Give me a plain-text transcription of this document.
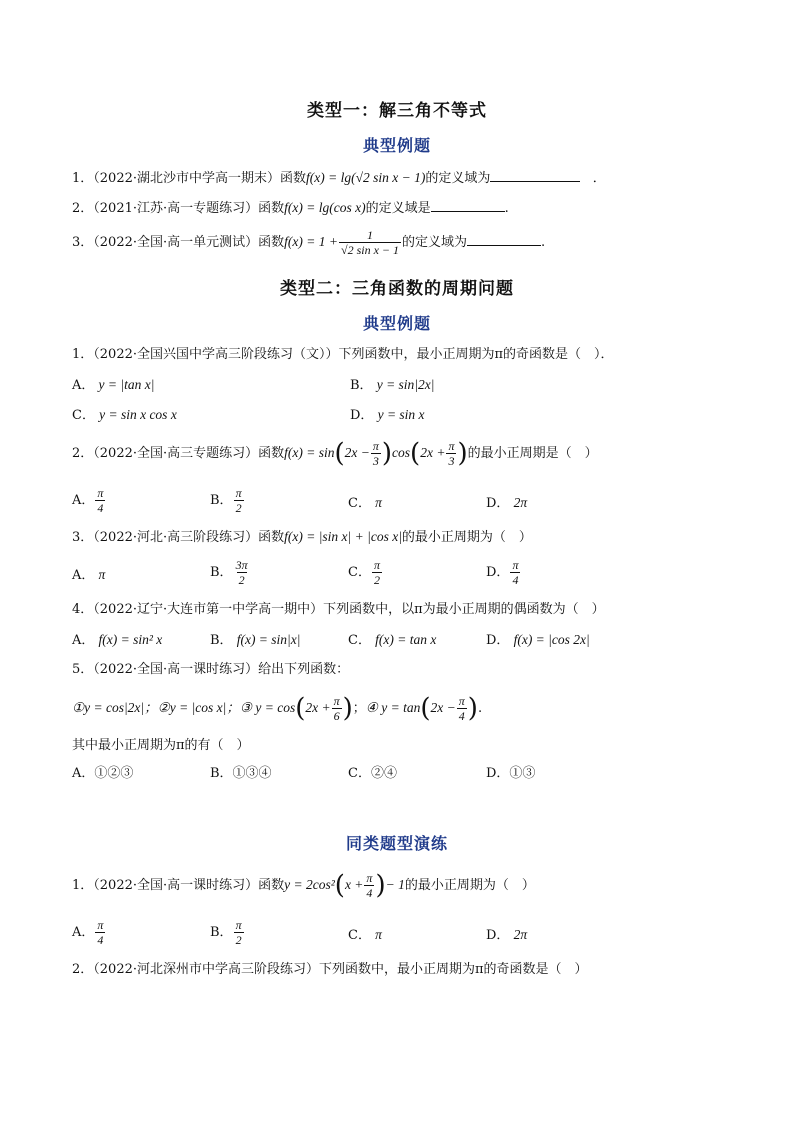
类型一：解三角不等式
典型例题
1．（2022·湖北沙市中学高一期末）函数f(x) = lg(√2 sin x − 1)的定义域为	．
2．（2021·江苏·高一专题练习）函数f(x) = lg(cos x)的定义域是	.
3．（2022·全国·高一单元测试）函数$f(x) = 1 + \frac{1}{\text{√2 sin x − 1}}$ 的定义域为	.
类型二：三角函数的周期问题
典型例题
1．（2022·全国兴国中学高三阶段练习（文））下列函数中，最小正周期为π的奇函数是（　）．
A． y = |tan x|	B． y = sin|2x|
C． y = sin x cos x	D． y = sin x
2．（2022·全国·高三专题练习）函数$f(x) = \sin(2x - \frac{\pi}{3} )\cos(2x + \frac{\pi}{3}$ )的最小正周期是（　）
A． $\frac{\pi}{4}$	B． $\frac{\pi}{2}$	C． π	D． 2π
3．（2022·河北·高三阶段练习）函数f(x) = |sin x| + |cos x|的最小正周期为（　）
A． π	B． $\frac{3\pi}{2}$	C． $\frac{\pi}{2}$	D． $\frac{\pi}{4}$
4．（2022·辽宁·大连市第一中学高一期中）下列函数中，以π为最小正周期的偶函数为（　）
A． f(x) = sin² x	B． f(x) = sin|x|	C． f(x) = tan x	D． f(x) = |cos 2x|
5．（2022·全国·高一课时练习）给出下列函数：
①y = cos|2x|；②y = |cos x|；③ $y = \cos(2x + \frac{\pi}{6}$ )；④ $y = \tan(2x - \frac{\pi}{4}$ ).
其中最小正周期为π的有（　）
A．①②③	B．①③④	C．②④	D．①③
同类题型演练
1．（2022·全国·高一课时练习）函数$y = 2\cos^2(x + \frac{\pi}{4}$ )− 1的最小正周期为（　）
A． $\frac{\pi}{4}$	B． $\frac{\pi}{2}$	C． π	D． 2π
2．（2022·河北深州市中学高三阶段练习）下列函数中，最小正周期为π的奇函数是（　）
